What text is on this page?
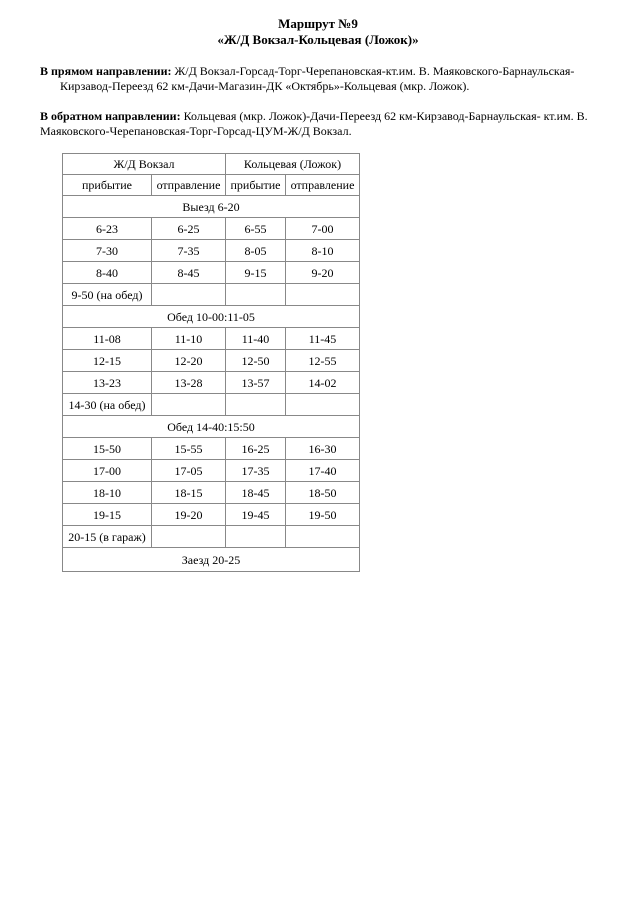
Маршрут №9
«Ж/Д Вокзал-Кольцевая (Ложок)»
В прямом направлении: Ж/Д Вокзал-Горсад-Торг-Черепановская-кт.им. В. Маяковского-Барнаульская-Кирзавод-Переезд 62 км-Дачи-Магазин-ДК «Октябрь»-Кольцевая (мкр. Ложок).
В обратном направлении: Кольцевая (мкр. Ложок)-Дачи-Переезд 62 км-Кирзавод-Барнаульская- кт.им. В. Маяковского-Черепановская-Торг-Горсад-ЦУМ-Ж/Д Вокзал.
Ж/Д Вокзал		Кольцевая (Ложок)	
прибытие	отправление	прибытие	отправление
Выезд 6-20			
6-23	6-25	6-55	7-00
7-30	7-35	8-05	8-10
8-40	8-45	9-15	9-20
9-50 (на обед)			
Обед 10-00:11-05			
11-08	11-10	11-40	11-45
12-15	12-20	12-50	12-55
13-23	13-28	13-57	14-02
14-30 (на обед)			
Обед 14-40:15:50			
15-50	15-55	16-25	16-30
17-00	17-05	17-35	17-40
18-10	18-15	18-45	18-50
19-15	19-20	19-45	19-50
20-15 (в гараж)			
Заезд 20-25			
